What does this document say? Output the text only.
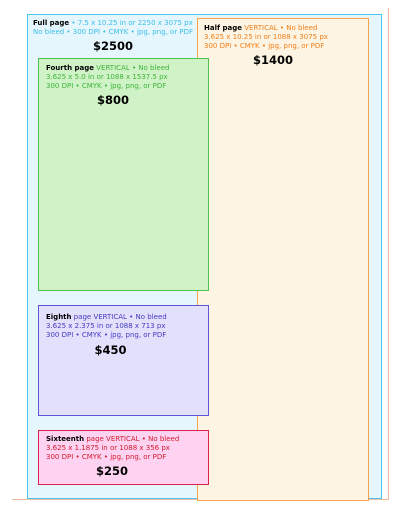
Full page • 7.5 x 10.25 in or 2250 x 3075 px
No bleed • 300 DPI • CMYK • jpg, png, or PDF
$2500
Half page VERTICAL • No bleed
3.625 x 10.25 in or 1088 x 3075 px
300 DPI • CMYK • jpg, png, or PDF
$1400
Fourth page VERTICAL • No bleed
3.625 x 5.0 in or 1088 x 1537.5 px
300 DPI • CMYK • jpg, png, or PDF
$800
Eighth page VERTICAL • No bleed
3.625 x 2.375 in or 1088 x 713 px
300 DPI • CMYK • jpg, png, or PDF
$450
Sixteenth page VERTICAL • No bleed
3.625 x 1.1875 in or 1088 x 356 px
300 DPI • CMYK • jpg, png, or PDF
$250
